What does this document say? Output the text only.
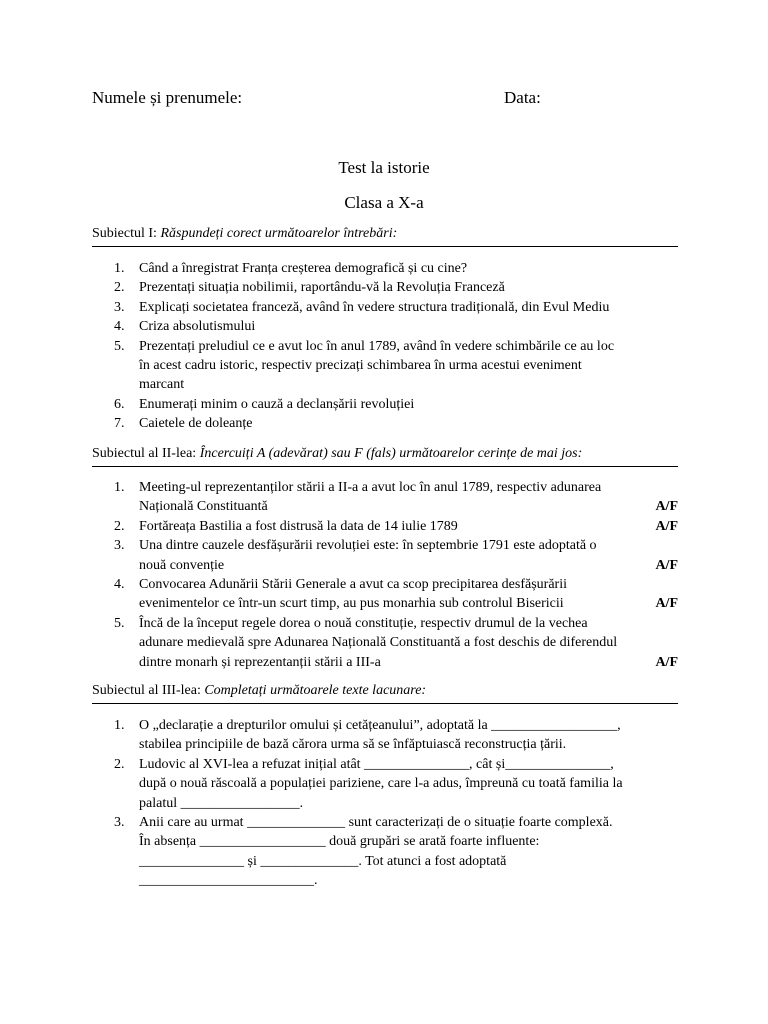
Numele și prenumele:	Data:
Test la istorie
Clasa a X-a
Subiectul I: Răspundeți corect următoarelor întrebări:
1. Când a înregistrat Franța creșterea demografică și cu cine?
2. Prezentați situația nobilimii, raportându-vă la Revoluția Franceză
3. Explicați societatea franceză, având în vedere structura tradițională, din Evul Mediu
4. Criza absolutismului
5. Prezentați preludiul ce e avut loc în anul 1789, având în vedere schimbările ce au loc
în acest cadru istoric, respectiv precizați schimbarea în urma acestui eveniment
marcant
6. Enumerați minim o cauză a declanșării revoluției
7. Caietele de doleanțe
Subiectul al II-lea: Încercuiți A (adevărat) sau F (fals) următoarelor cerințe de mai jos:
1. Meeting-ul reprezentanților stării a II-a a avut loc în anul 1789, respectiv adunarea
Națională Constituantă	A/F
2. Fortăreața Bastilia a fost distrusă la data de 14 iulie 1789	A/F
3. Una dintre cauzele desfășurării revoluției este: în septembrie 1791 este adoptată o
nouă convenție	A/F
4. Convocarea Adunării Stării Generale a avut ca scop precipitarea desfășurării
evenimentelor ce într-un scurt timp, au pus monarhia sub controlul Bisericii	A/F
5. Încă de la început regele dorea o nouă constituție, respectiv drumul de la vechea
adunare medievală spre Adunarea Națională Constituantă a fost deschis de diferendul
dintre monarh și reprezentanții stării a III-a	A/F
Subiectul al III-lea: Completați următoarele texte lacunare:
1. O „declarație a drepturilor omului și cetățeanului”, adoptată la __________________,
stabilea principiile de bază cărora urma să se înfăptuiască reconstrucția țării.
2. Ludovic al XVI-lea a refuzat inițial atât _______________, cât și_______________,
după o nouă răscoală a populației pariziene, care l-a adus, împreună cu toată familia la
palatul _________________.
3. Anii care au urmat ______________ sunt caracterizați de o situație foarte complexă.
În absența __________________ două grupări se arată foarte influente:
_______________ și ______________. Tot atunci a fost adoptată
_________________________.
